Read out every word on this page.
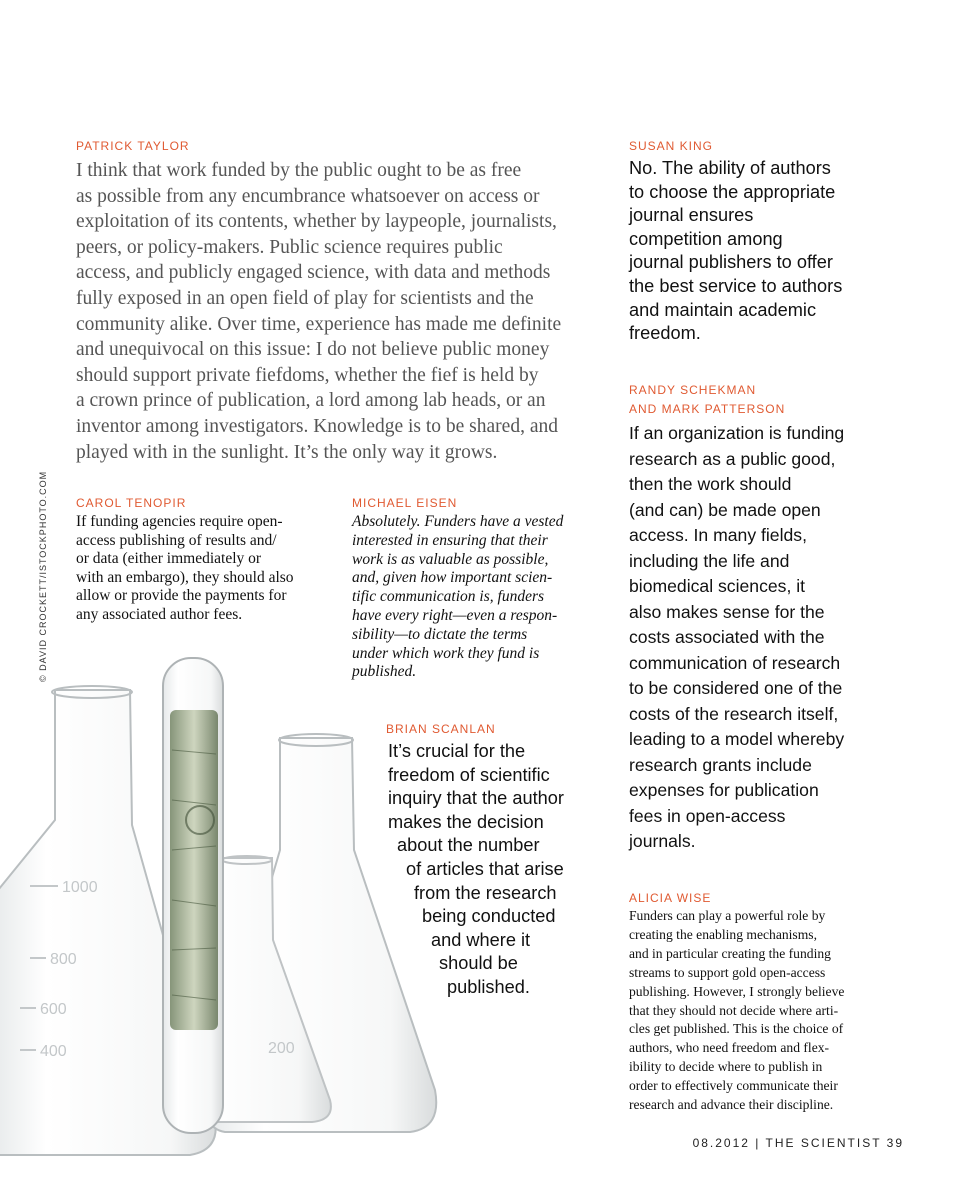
1000
800
600
400	200
© DAVID CROCKETT/ISTOCKPHOTO.COM
PATRICK TAYLOR
I think that work funded by the public ought to be as free
as possible from any encumbrance whatsoever on access or
exploitation of its contents, whether by laypeople, journalists,
peers, or policy-makers. Public science requires public
access, and publicly engaged science, with data and methods
fully exposed in an open field of play for scientists and the
community alike. Over time, experience has made me definite
and unequivocal on this issue: I do not believe public money
should support private fiefdoms, whether the fief is held by
a crown prince of publication, a lord among lab heads, or an
inventor among investigators. Knowledge is to be shared, and
played with in the sunlight. It’s the only way it grows.
CAROL TENOPIR
If funding agencies require open-
access publishing of results and/
or data (either immediately or
with an embargo), they should also
allow or provide the payments for
any associated author fees.
MICHAEL EISEN
Absolutely. Funders have a vested
interested in ensuring that their
work is as valuable as possible,
and, given how important scien-
tific communication is, funders
have every right—even a respon-
sibility—to dictate the terms
under which work they fund is
published.
BRIAN SCANLAN
It’s crucial for the
freedom of scientific
inquiry that the author
makes the decision
about the number
of articles that arise
from the research
being conducted
and where it
should be
published.
SUSAN KING
No. The ability of authors
to choose the appropriate
journal ensures
competition among
journal publishers to offer
the best service to authors
and maintain academic
freedom.
RANDY SCHEKMAN
AND MARK PATTERSON
If an organization is funding
research as a public good,
then the work should
(and can) be made open
access. In many fields,
including the life and
biomedical sciences, it
also makes sense for the
costs associated with the
communication of research
to be considered one of the
costs of the research itself,
leading to a model whereby
research grants include
expenses for publication
fees in open-access
journals.
ALICIA WISE
Funders can play a powerful role by
creating the enabling mechanisms,
and in particular creating the funding
streams to support gold open-access
publishing. However, I strongly believe
that they should not decide where arti-
cles get published. This is the choice of
authors, who need freedom and flex-
ibility to decide where to publish in
order to effectively communicate their
research and advance their discipline.
08.2012 | THE SCIENTIST 39
